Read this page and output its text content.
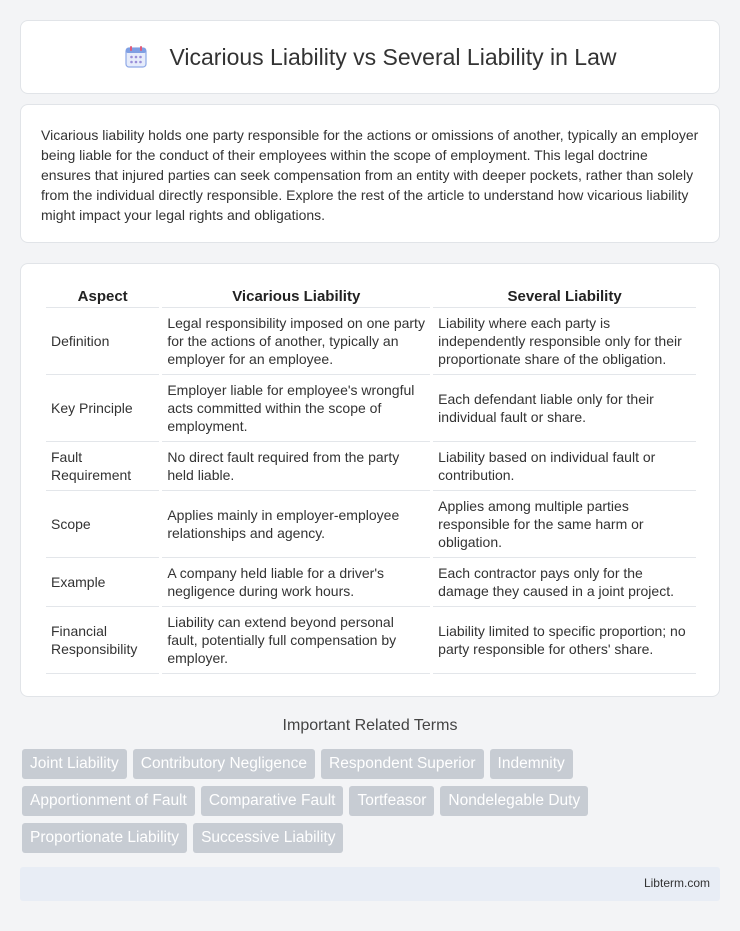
Vicarious Liability vs Several Liability in Law

Vicarious liability holds one party responsible for the actions or omissions of another, typically an employer being liable for the conduct of their employees within the scope of employment. This legal doctrine ensures that injured parties can seek compensation from an entity with deeper pockets, rather than solely from the individual directly responsible. Explore the rest of the article to understand how vicarious liability might impact your legal rights and obligations.

Aspect	Vicarious Liability	Several Liability
Definition	Legal responsibility imposed on one party for the actions of another, typically an employer for an employee.	Liability where each party is independently responsible only for their proportionate share of the obligation.
Key Principle	Employer liable for employee's wrongful acts committed within the scope of employment.	Each defendant liable only for their individual fault or share.
Fault Requirement	No direct fault required from the party held liable.	Liability based on individual fault or contribution.
Scope	Applies mainly in employer-employee relationships and agency.	Applies among multiple parties responsible for the same harm or obligation.
Example	A company held liable for a driver's negligence during work hours.	Each contractor pays only for the damage they caused in a joint project.
Financial Responsibility	Liability can extend beyond personal fault, potentially full compensation by employer.	Liability limited to specific proportion; no party responsible for others' share.
Important Related Terms
Joint Liability	Contributory Negligence	Respondent Superior	Indemnity
Apportionment of Fault	Comparative Fault	Tortfeasor	Nondelegable Duty
Proportionate Liability	Successive Liability
Libterm.com
